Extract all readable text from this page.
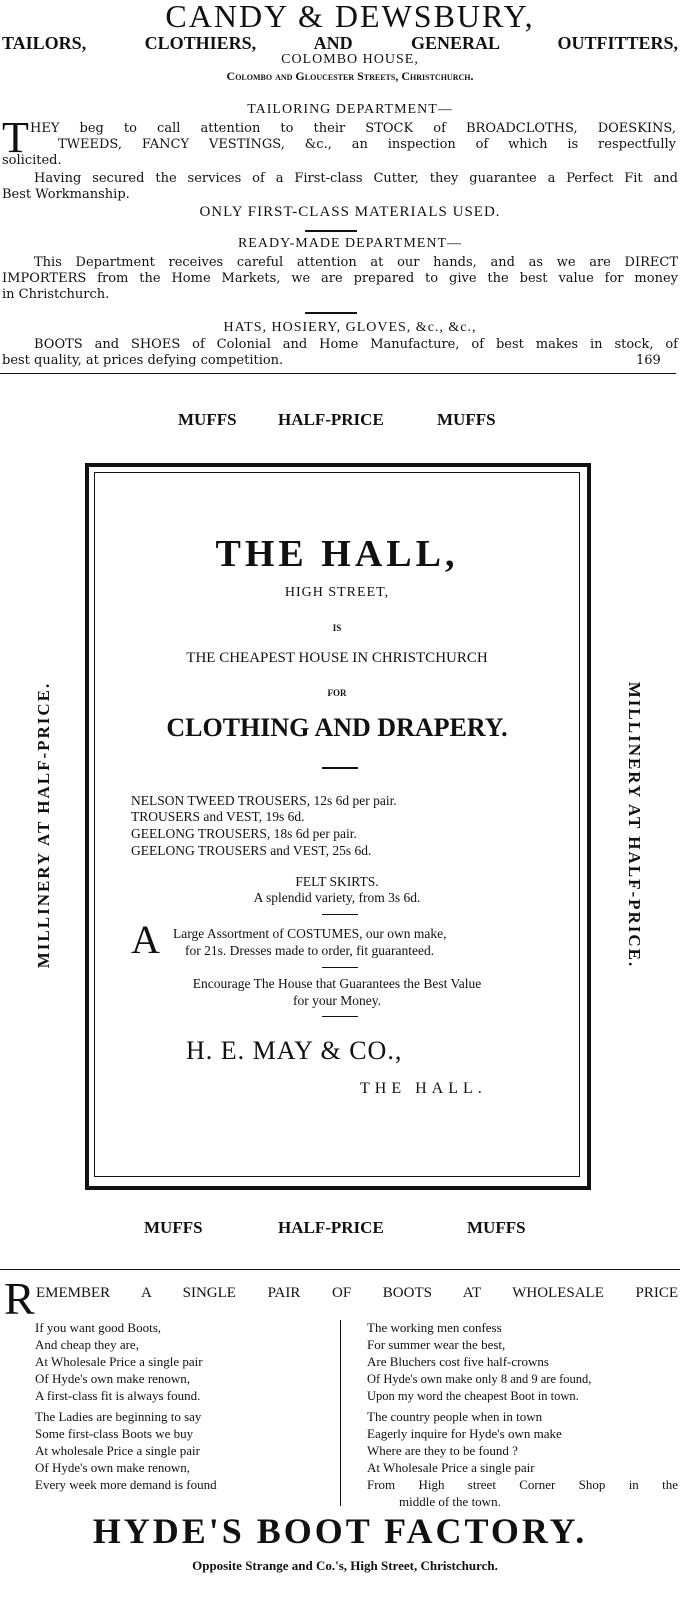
CANDY & DEWSBURY,
TAILORS, CLOTHIERS, AND GENERAL OUTFITTERS,
COLOMBO HOUSE,
Colombo and Gloucester Streets, Christchurch.
TAILORING DEPARTMENT—
T HEY beg to call attention to their STOCK of BROADCLOTHS, DOESKINS,
TWEEDS, FANCY VESTINGS, &c., an inspection of which is respectfully
solicited.
Having secured the services of a First-class Cutter, they guarantee a Perfect Fit and
Best Workmanship.
ONLY FIRST-CLASS MATERIALS USED.
READY-MADE DEPARTMENT—
This Department receives careful attention at our hands, and as we are DIRECT
IMPORTERS from the Home Markets, we are prepared to give the best value for money
in Christchurch.
HATS, HOSIERY, GLOVES, &c., &c.,
BOOTS and SHOES of Colonial and Home Manufacture, of best makes in stock, of
best quality, at prices defying competition.	169
MUFFS HALF-PRICE	MUFFS
MILLINERY AT HALF-PRICE.	MILLINERY AT HALF-PRICE.
THE HALL,
HIGH STREET,
IS
THE CHEAPEST HOUSE IN CHRISTCHURCH
FOR
CLOTHING AND DRAPERY.
NELSON TWEED TROUSERS, 12s 6d per pair.
TROUSERS and VEST, 19s 6d.
GEELONG TROUSERS, 18s 6d per pair.
GEELONG TROUSERS and VEST, 25s 6d.
FELT SKIRTS.
A splendid variety, from 3s 6d.
A Large Assortment of COSTUMES, our own make,
for 21s. Dresses made to order, fit guaranteed.
Encourage The House that Guarantees the Best Value
for your Money.
H. E. MAY & CO.,
THE HALL.
MUFFS	HALF-PRICE	MUFFS
R EMEMBER A SINGLE PAIR OF BOOTS AT WHOLESALE PRICE
If you want good Boots,
And cheap they are,
At Wholesale Price a single pair
Of Hyde's own make renown,
A first-class fit is always found.
The Ladies are beginning to say
Some first-class Boots we buy
At wholesale Price a single pair
Of Hyde's own make renown,
Every week more demand is found
The working men confess
For summer wear the best,
Are Bluchers cost five half-crowns
Of Hyde's own make only 8 and 9 are found,
Upon my word the cheapest Boot in town.
The country people when in town
Eagerly inquire for Hyde's own make
Where are they to be found ?
At Wholesale Price a single pair
From High street Corner Shop in the
middle of the town.
HYDE'S BOOT FACTORY.
Opposite Strange and Co.'s, High Street, Christchurch.
